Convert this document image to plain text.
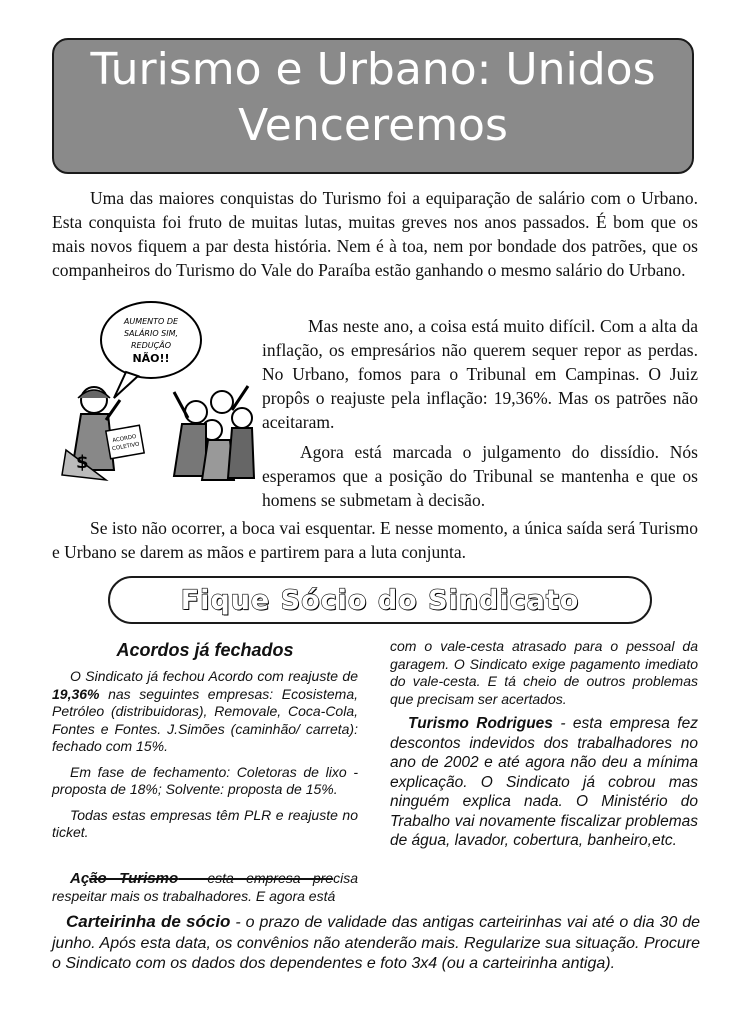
Turismo e Urbano: Unidos
Venceremos
Uma das maiores conquistas do Turismo foi a equiparação de salário com o Urbano. Esta conquista foi fruto de muitas lutas, muitas greves nos anos passados. É bom que os mais novos fiquem a par desta história. Nem é à toa, nem por bondade dos patrões, que os companheiros do Turismo do Vale do Paraíba estão ganhando o mesmo salário do Urbano.
AUMENTO DE
SALÁRIO SIM,
REDUÇÃO
NÃO!!
$
ACORDO
COLETIVO
Mas neste ano, a coisa está muito difícil. Com a alta da inflação, os empresários não querem sequer repor as perdas. No Urbano, fomos para o Tribunal em Campinas. O Juiz propôs o reajuste pela inflação: 19,36%. Mas os patrões não aceitaram.
Agora está marcada o julgamento do dissídio. Nós esperamos que a posição do Tribunal se mantenha e que os homens se submetam à decisão.
Se isto não ocorrer, a boca vai esquentar. E nesse momento, a única saída será Turismo e Urbano se darem as mãos e partirem para a luta conjunta.
Fique Sócio do Sindicato
Acordos já fechados

O Sindicato já fechou Acordo com reajuste de 19,36% nas seguintes empresas: Ecosistema, Petróleo (distribuidoras), Removale, Coca-Cola, Fontes e Fontes. J.Simões (caminhão/ carreta): fechado com 15%.

Em fase de fechamento: Coletoras de lixo - proposta de 18%; Solvente: proposta de 15%.

Todas estas empresas têm PLR e reajuste no ticket.

Ação Turismo - esta empresa precisa respeitar mais os trabalhadores. E agora está

com o vale-cesta atrasado para o pessoal da garagem. O Sindicato exige pagamento imediato do vale-cesta. E tá cheio de outros problemas que precisam ser acertados.

Turismo Rodrigues - esta empresa fez descontos indevidos dos trabalhadores no ano de 2002 e até agora não deu a mínima explicação. O Sindicato já cobrou mas ninguém explica nada. O Ministério do Trabalho vai novamente fiscalizar problemas de água, lavador, cobertura, banheiro,etc.

Carteirinha de sócio - o prazo de validade das antigas carteirinhas vai até o dia 30 de junho. Após esta data, os convênios não atenderão mais. Regularize sua situação. Procure o Sindicato com os dados dos dependentes e foto 3x4 (ou a carteirinha antiga).
